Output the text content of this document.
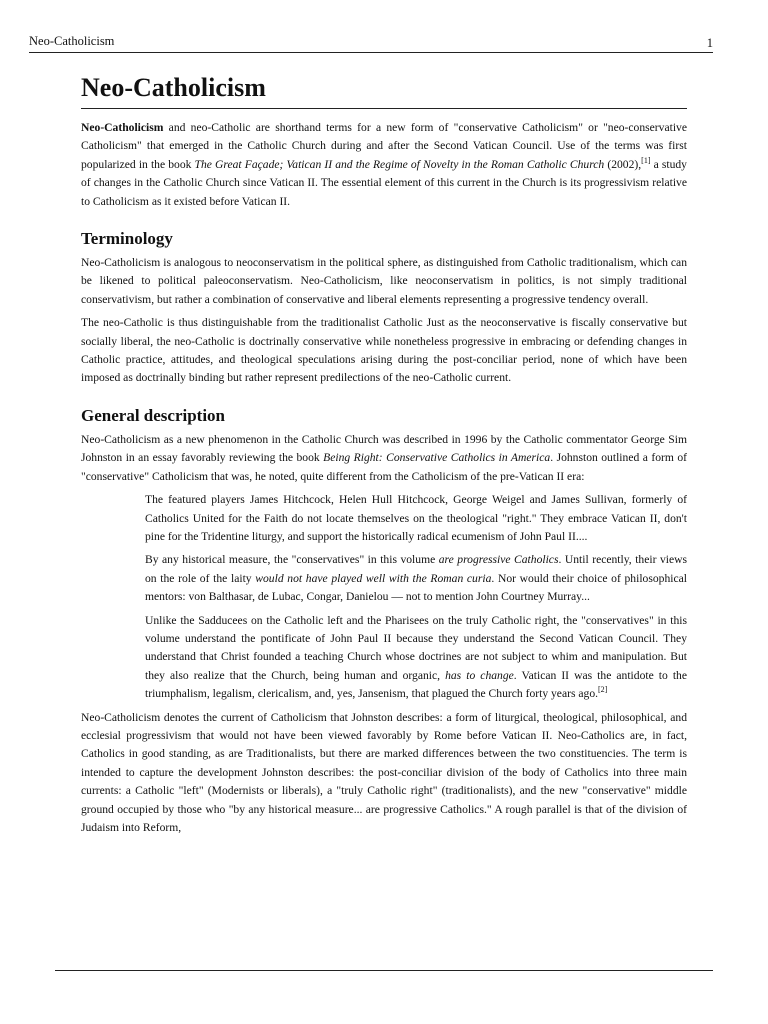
Neo-Catholicism	1
Neo-Catholicism

Neo-Catholicism and neo-Catholic are shorthand terms for a new form of "conservative Catholicism" or "neo-conservative Catholicism" that emerged in the Catholic Church during and after the Second Vatican Council. Use of the terms was first popularized in the book The Great Façade; Vatican II and the Regime of Novelty in the Roman Catholic Church (2002),[1] a study of changes in the Catholic Church since Vatican II. The essential element of this current in the Church is its progressivism relative to Catholicism as it existed before Vatican II.

Terminology

Neo-Catholicism is analogous to neoconservatism in the political sphere, as distinguished from Catholic traditionalism, which can be likened to political paleoconservatism. Neo-Catholicism, like neoconservatism in politics, is not simply traditional conservativism, but rather a combination of conservative and liberal elements representing a progressive tendency overall.

The neo-Catholic is thus distinguishable from the traditionalist Catholic Just as the neoconservative is fiscally conservative but socially liberal, the neo-Catholic is doctrinally conservative while nonetheless progressive in embracing or defending changes in Catholic practice, attitudes, and theological speculations arising during the post-conciliar period, none of which have been imposed as doctrinally binding but rather represent predilections of the neo-Catholic current.

General description

Neo-Catholicism as a new phenomenon in the Catholic Church was described in 1996 by the Catholic commentator George Sim Johnston in an essay favorably reviewing the book Being Right: Conservative Catholics in America. Johnston outlined a form of "conservative" Catholicism that was, he noted, quite different from the Catholicism of the pre-Vatican II era:

The featured players James Hitchcock, Helen Hull Hitchcock, George Weigel and James Sullivan, formerly of Catholics United for the Faith do not locate themselves on the theological "right." They embrace Vatican II, don't pine for the Tridentine liturgy, and support the historically radical ecumenism of John Paul II....

By any historical measure, the "conservatives" in this volume are progressive Catholics. Until recently, their views on the role of the laity would not have played well with the Roman curia. Nor would their choice of philosophical mentors: von Balthasar, de Lubac, Congar, Danielou — not to mention John Courtney Murray...

Unlike the Sadducees on the Catholic left and the Pharisees on the truly Catholic right, the "conservatives" in this volume understand the pontificate of John Paul II because they understand the Second Vatican Council. They understand that Christ founded a teaching Church whose doctrines are not subject to whim and manipulation. But they also realize that the Church, being human and organic, has to change. Vatican II was the antidote to the triumphalism, legalism, clericalism, and, yes, Jansenism, that plagued the Church forty years ago.[2]

Neo-Catholicism denotes the current of Catholicism that Johnston describes: a form of liturgical, theological, philosophical, and ecclesial progressivism that would not have been viewed favorably by Rome before Vatican II. Neo-Catholics are, in fact, Catholics in good standing, as are Traditionalists, but there are marked differences between the two constituencies. The term is intended to capture the development Johnston describes: the post-conciliar division of the body of Catholics into three main currents: a Catholic "left" (Modernists or liberals), a "truly Catholic right" (traditionalists), and the new "conservative" middle ground occupied by those who "by any historical measure... are progressive Catholics." A rough parallel is that of the division of Judaism into Reform,
